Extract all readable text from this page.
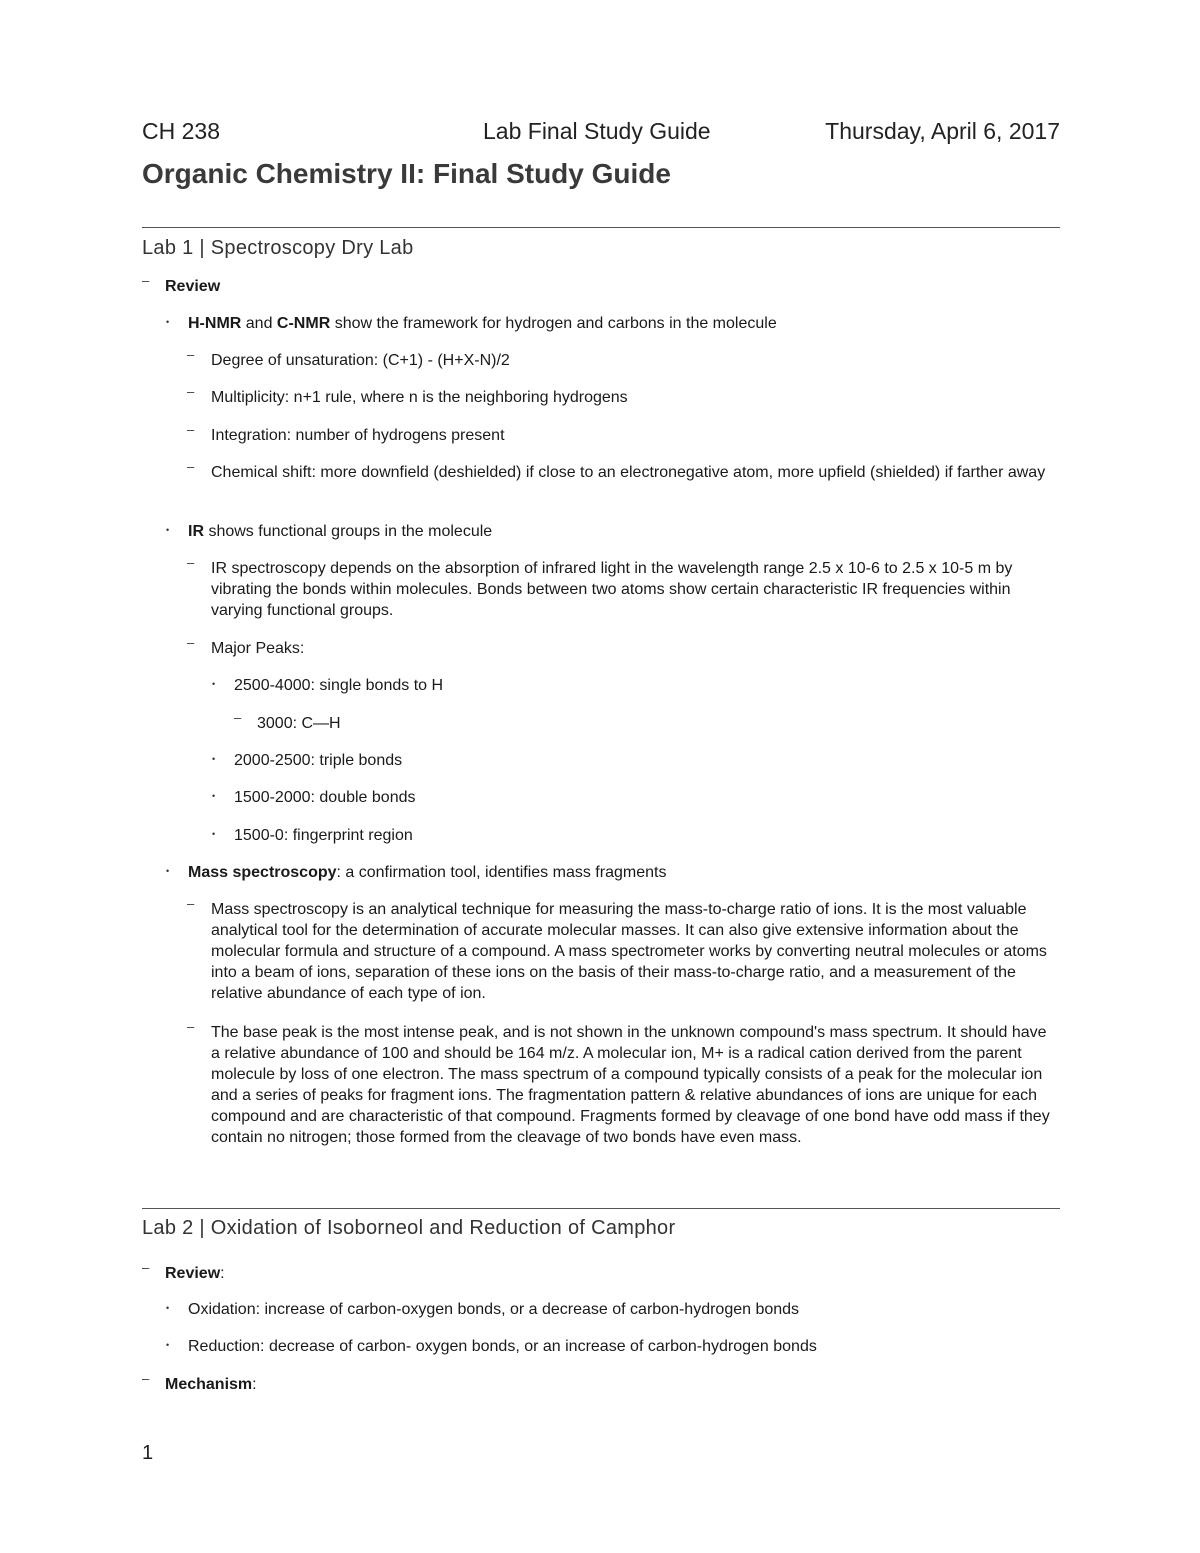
CH 238	Lab Final Study Guide	Thursday, April 6, 2017
Organic Chemistry II: Final Study Guide
Lab 1 | Spectroscopy Dry Lab
– Review
• H-NMR and C-NMR show the framework for hydrogen and carbons in the molecule
– Degree of unsaturation: (C+1) - (H+X-N)/2
– Multiplicity: n+1 rule, where n is the neighboring hydrogens
– Integration: number of hydrogens present
– Chemical shift: more downfield (deshielded) if close to an electronegative atom, more upfield (shielded) if farther away
• IR shows functional groups in the molecule
– IR spectroscopy depends on the absorption of infrared light in the wavelength range 2.5 x 10-6 to 2.5 x 10-5 m by vibrating the bonds within molecules. Bonds between two atoms show certain characteristic IR frequencies within varying functional groups.
– Major Peaks:
• 2500-4000: single bonds to H
– 3000: C—H
• 2000-2500: triple bonds
• 1500-2000: double bonds
• 1500-0: fingerprint region
• Mass spectroscopy: a confirmation tool, identifies mass fragments
– Mass spectroscopy is an analytical technique for measuring the mass-to-charge ratio of ions. It is the most valuable analytical tool for the determination of accurate molecular masses. It can also give extensive information about the molecular formula and structure of a compound. A mass spectrometer works by converting neutral molecules or atoms into a beam of ions, separation of these ions on the basis of their mass-to-charge ratio, and a measurement of the relative abundance of each type of ion.
– The base peak is the most intense peak, and is not shown in the unknown compound's mass spectrum. It should have a relative abundance of 100 and should be 164 m/z. A molecular ion, M+ is a radical cation derived from the parent molecule by loss of one electron. The mass spectrum of a compound typically consists of a peak for the molecular ion and a series of peaks for fragment ions. The fragmentation pattern & relative abundances of ions are unique for each compound and are characteristic of that compound. Fragments formed by cleavage of one bond have odd mass if they contain no nitrogen; those formed from the cleavage of two bonds have even mass.
Lab 2 | Oxidation of Isoborneol and Reduction of Camphor
– Review:
• Oxidation: increase of carbon-oxygen bonds, or a decrease of carbon-hydrogen bonds
• Reduction: decrease of carbon- oxygen bonds, or an increase of carbon-hydrogen bonds
– Mechanism:
1
